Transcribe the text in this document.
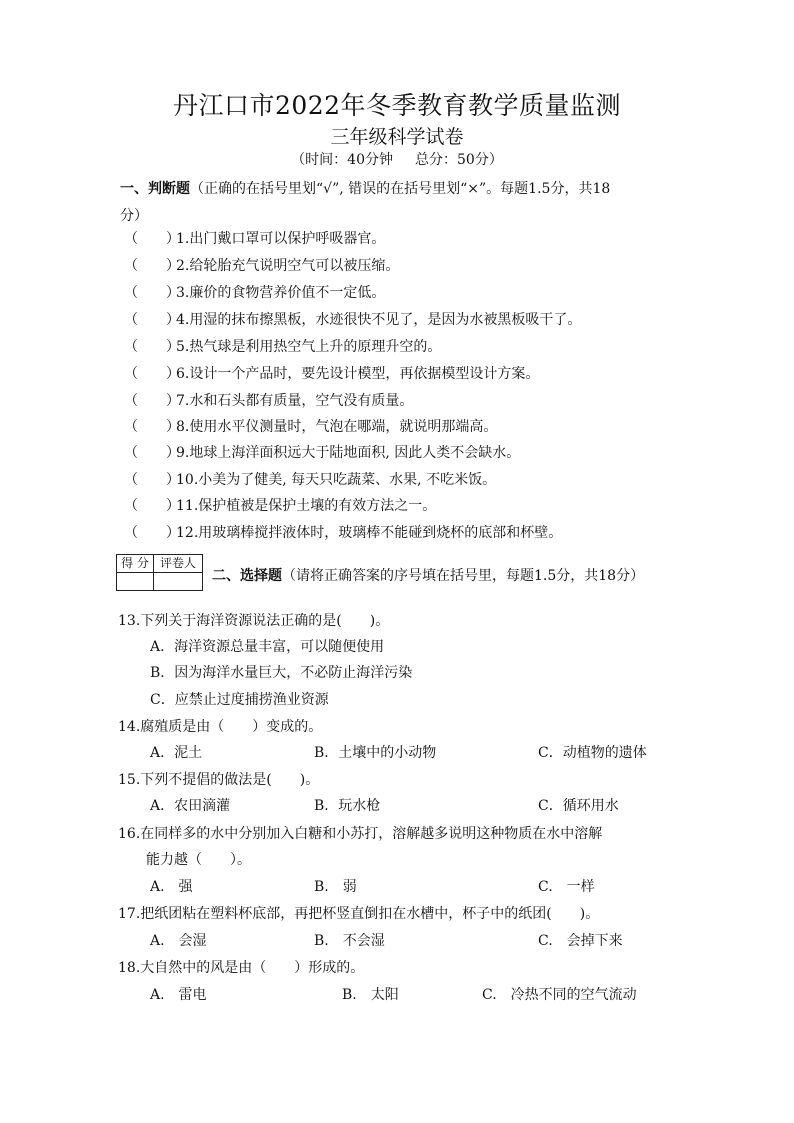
丹江口市2022年冬季教育教学质量监测
三年级科学试卷
（时间：40分钟 总分：50分）
一、判断题（正确的在括号里划“√”, 错误的在括号里划“×”。每题1.5分，共18
分）
（　　）1.出门戴口罩可以保护呼吸器官。
（　　）2.给轮胎充气说明空气可以被压缩。
（　　）3.廉价的食物营养价值不一定低。
（　　）4.用湿的抹布擦黑板，水迹很快不见了，是因为水被黑板吸干了。
（　　）5.热气球是利用热空气上升的原理升空的。
（　　）6.设计一个产品时，要先设计模型，再依据模型设计方案。
（　　）7.水和石头都有质量，空气没有质量。
（　　）8.使用水平仪测量时，气泡在哪端，就说明那端高。
（　　）9.地球上海洋面积远大于陆地面积, 因此人类不会缺水。
（　　）10.小美为了健美, 每天只吃蔬菜、水果, 不吃米饭。
（　　）11.保护植被是保护土壤的有效方法之一。
（　　）12.用玻璃棒搅拌液体时，玻璃棒不能碰到烧杯的底部和杯壁。
得 分	评卷人

二、选择题（请将正确答案的序号填在括号里，每题1.5分，共18分）
13.下列关于海洋资源说法正确的是(　　)。
A．海洋资源总量丰富，可以随便使用
B．因为海洋水量巨大，不必防止海洋污染
C．应禁止过度捕捞渔业资源
14.腐殖质是由（　　）变成的。
A．泥土	B．土壤中的小动物	C．动植物的遗体
15.下列不提倡的做法是(　　)。
A．农田滴灌	B．玩水枪	C．循环用水
16.在同样多的水中分别加入白糖和小苏打，溶解越多说明这种物质在水中溶解
能力越（　　）。
A.　强	B.　弱	C.　一样
17.把纸团粘在塑料杯底部，再把杯竖直倒扣在水槽中，杯子中的纸团(　　)。
A.　会湿	B.　不会湿	C.　会掉下来
18.大自然中的风是由（　　）形成的。
A.　雷电	B.　太阳	C.　冷热不同的空气流动
